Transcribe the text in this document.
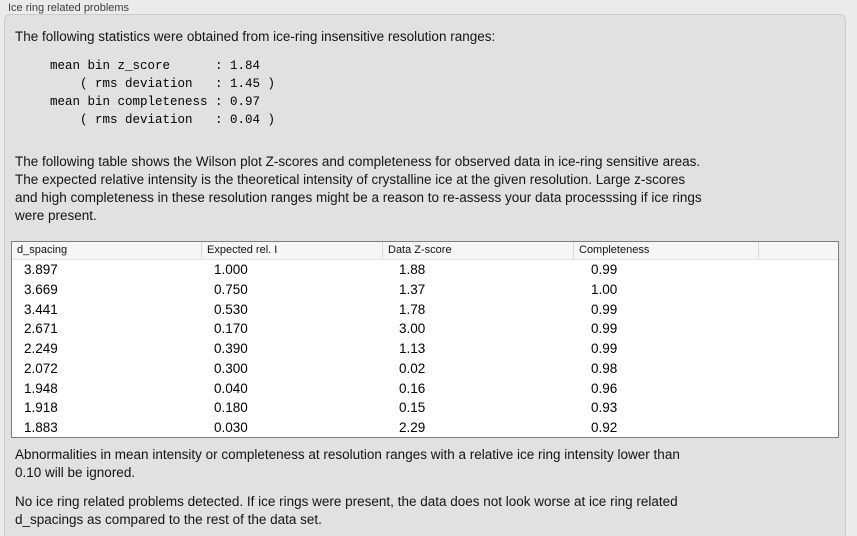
Ice ring related problems
The following statistics were obtained from ice-ring insensitive resolution ranges:
mean bin z_score      : 1.84
( rms deviation   : 1.45 )
mean bin completeness : 0.97
( rms deviation   : 0.04 )
The following table shows the Wilson plot Z-scores and completeness for observed data in ice-ring sensitive areas.
The expected relative intensity is the theoretical intensity of crystalline ice at the given resolution. Large z-scores
and high completeness in these resolution ranges might be a reason to re-assess your data processsing if ice rings
were present.
d_spacing	Expected rel. I	Data Z-score	Completeness
3.897	1.000	1.88	0.99
3.669	0.750	1.37	1.00
3.441	0.530	1.78	0.99
2.671	0.170	3.00	0.99
2.249	0.390	1.13	0.99
2.072	0.300	0.02	0.98
1.948	0.040	0.16	0.96
1.918	0.180	0.15	0.93
1.883	0.030	2.29	0.92
Abnormalities in mean intensity or completeness at resolution ranges with a relative ice ring intensity lower than
0.10 will be ignored.
No ice ring related problems detected. If ice rings were present, the data does not look worse at ice ring related
d_spacings as compared to the rest of the data set.
